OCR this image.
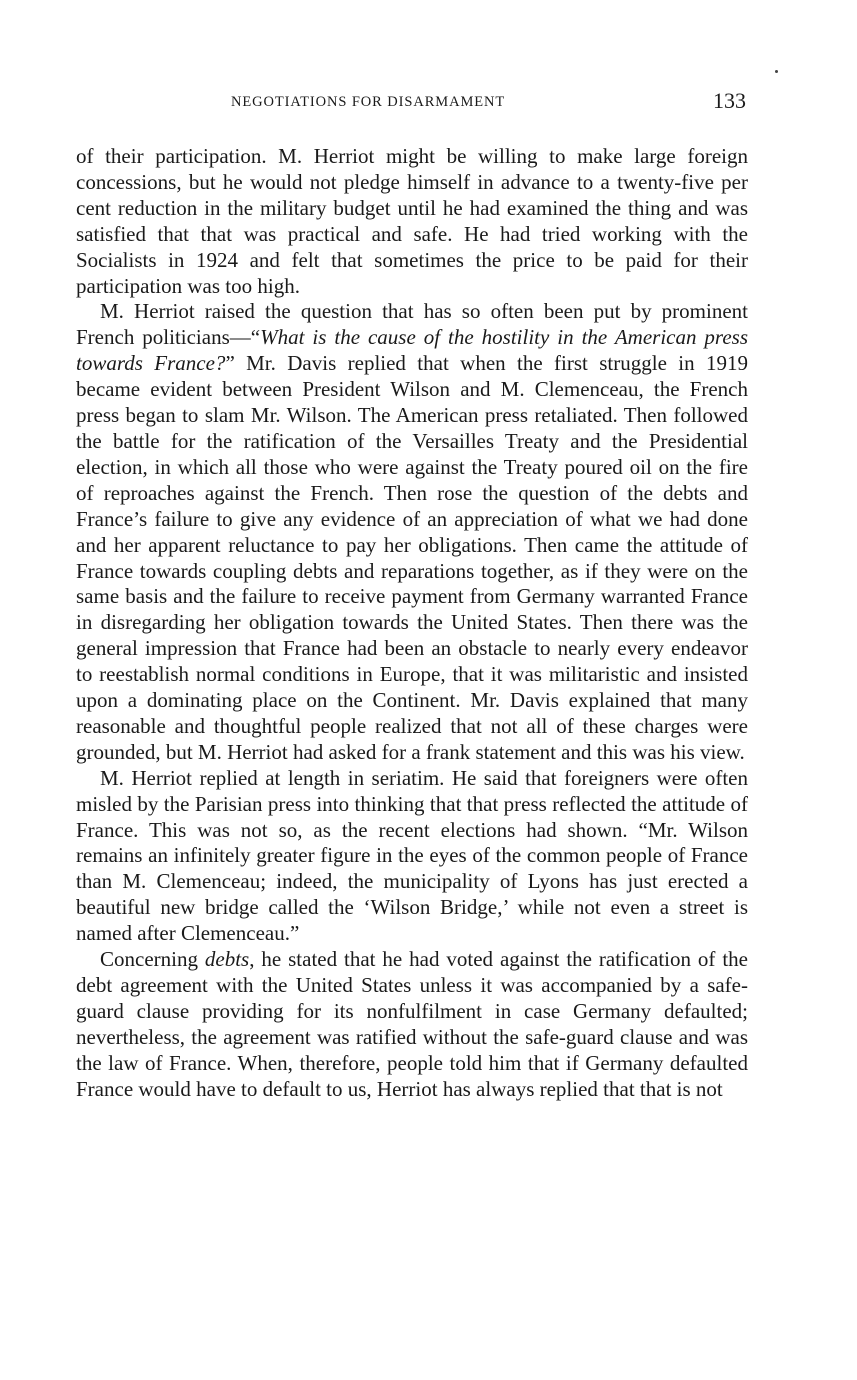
NEGOTIATIONS FOR DISARMAMENT	133

of their participation. M. Herriot might be willing to make large foreign concessions, but he would not pledge himself in advance to a twenty-five per cent reduction in the military budget until he had examined the thing and was satisfied that that was practical and safe. He had tried working with the Socialists in 1924 and felt that sometimes the price to be paid for their participation was too high.

M. Herriot raised the question that has so often been put by prominent French politicians—“What is the cause of the hostility in the American press towards France?” Mr. Davis replied that when the first struggle in 1919 became evident between President Wilson and M. Clemenceau, the French press began to slam Mr. Wilson. The American press retaliated. Then followed the battle for the ratification of the Versailles Treaty and the Presidential election, in which all those who were against the Treaty poured oil on the fire of reproaches against the French. Then rose the question of the debts and France’s failure to give any evidence of an appreciation of what we had done and her apparent reluctance to pay her obligations. Then came the attitude of France towards coupling debts and reparations together, as if they were on the same basis and the failure to receive payment from Germany warranted France in disregarding her obligation towards the United States. Then there was the general impression that France had been an obstacle to nearly every endeavor to reestablish normal conditions in Europe, that it was militaristic and insisted upon a dominating place on the Continent. Mr. Davis explained that many reasonable and thoughtful people realized that not all of these charges were grounded, but M. Herriot had asked for a frank statement and this was his view.

M. Herriot replied at length in seriatim. He said that foreigners were often misled by the Parisian press into thinking that that press reflected the attitude of France. This was not so, as the recent elections had shown. “Mr. Wilson remains an infinitely greater figure in the eyes of the common people of France than M. Clemenceau; indeed, the municipality of Lyons has just erected a beautiful new bridge called the ‘Wilson Bridge,’ while not even a street is named after Clemenceau.”

Concerning debts, he stated that he had voted against the ratification of the debt agreement with the United States unless it was accompanied by a safe-guard clause providing for its nonfulfilment in case Germany defaulted; nevertheless, the agreement was ratified without the safe-guard clause and was the law of France. When, therefore, people told him that if Germany defaulted France would have to default to us, Herriot has always replied that that is not
